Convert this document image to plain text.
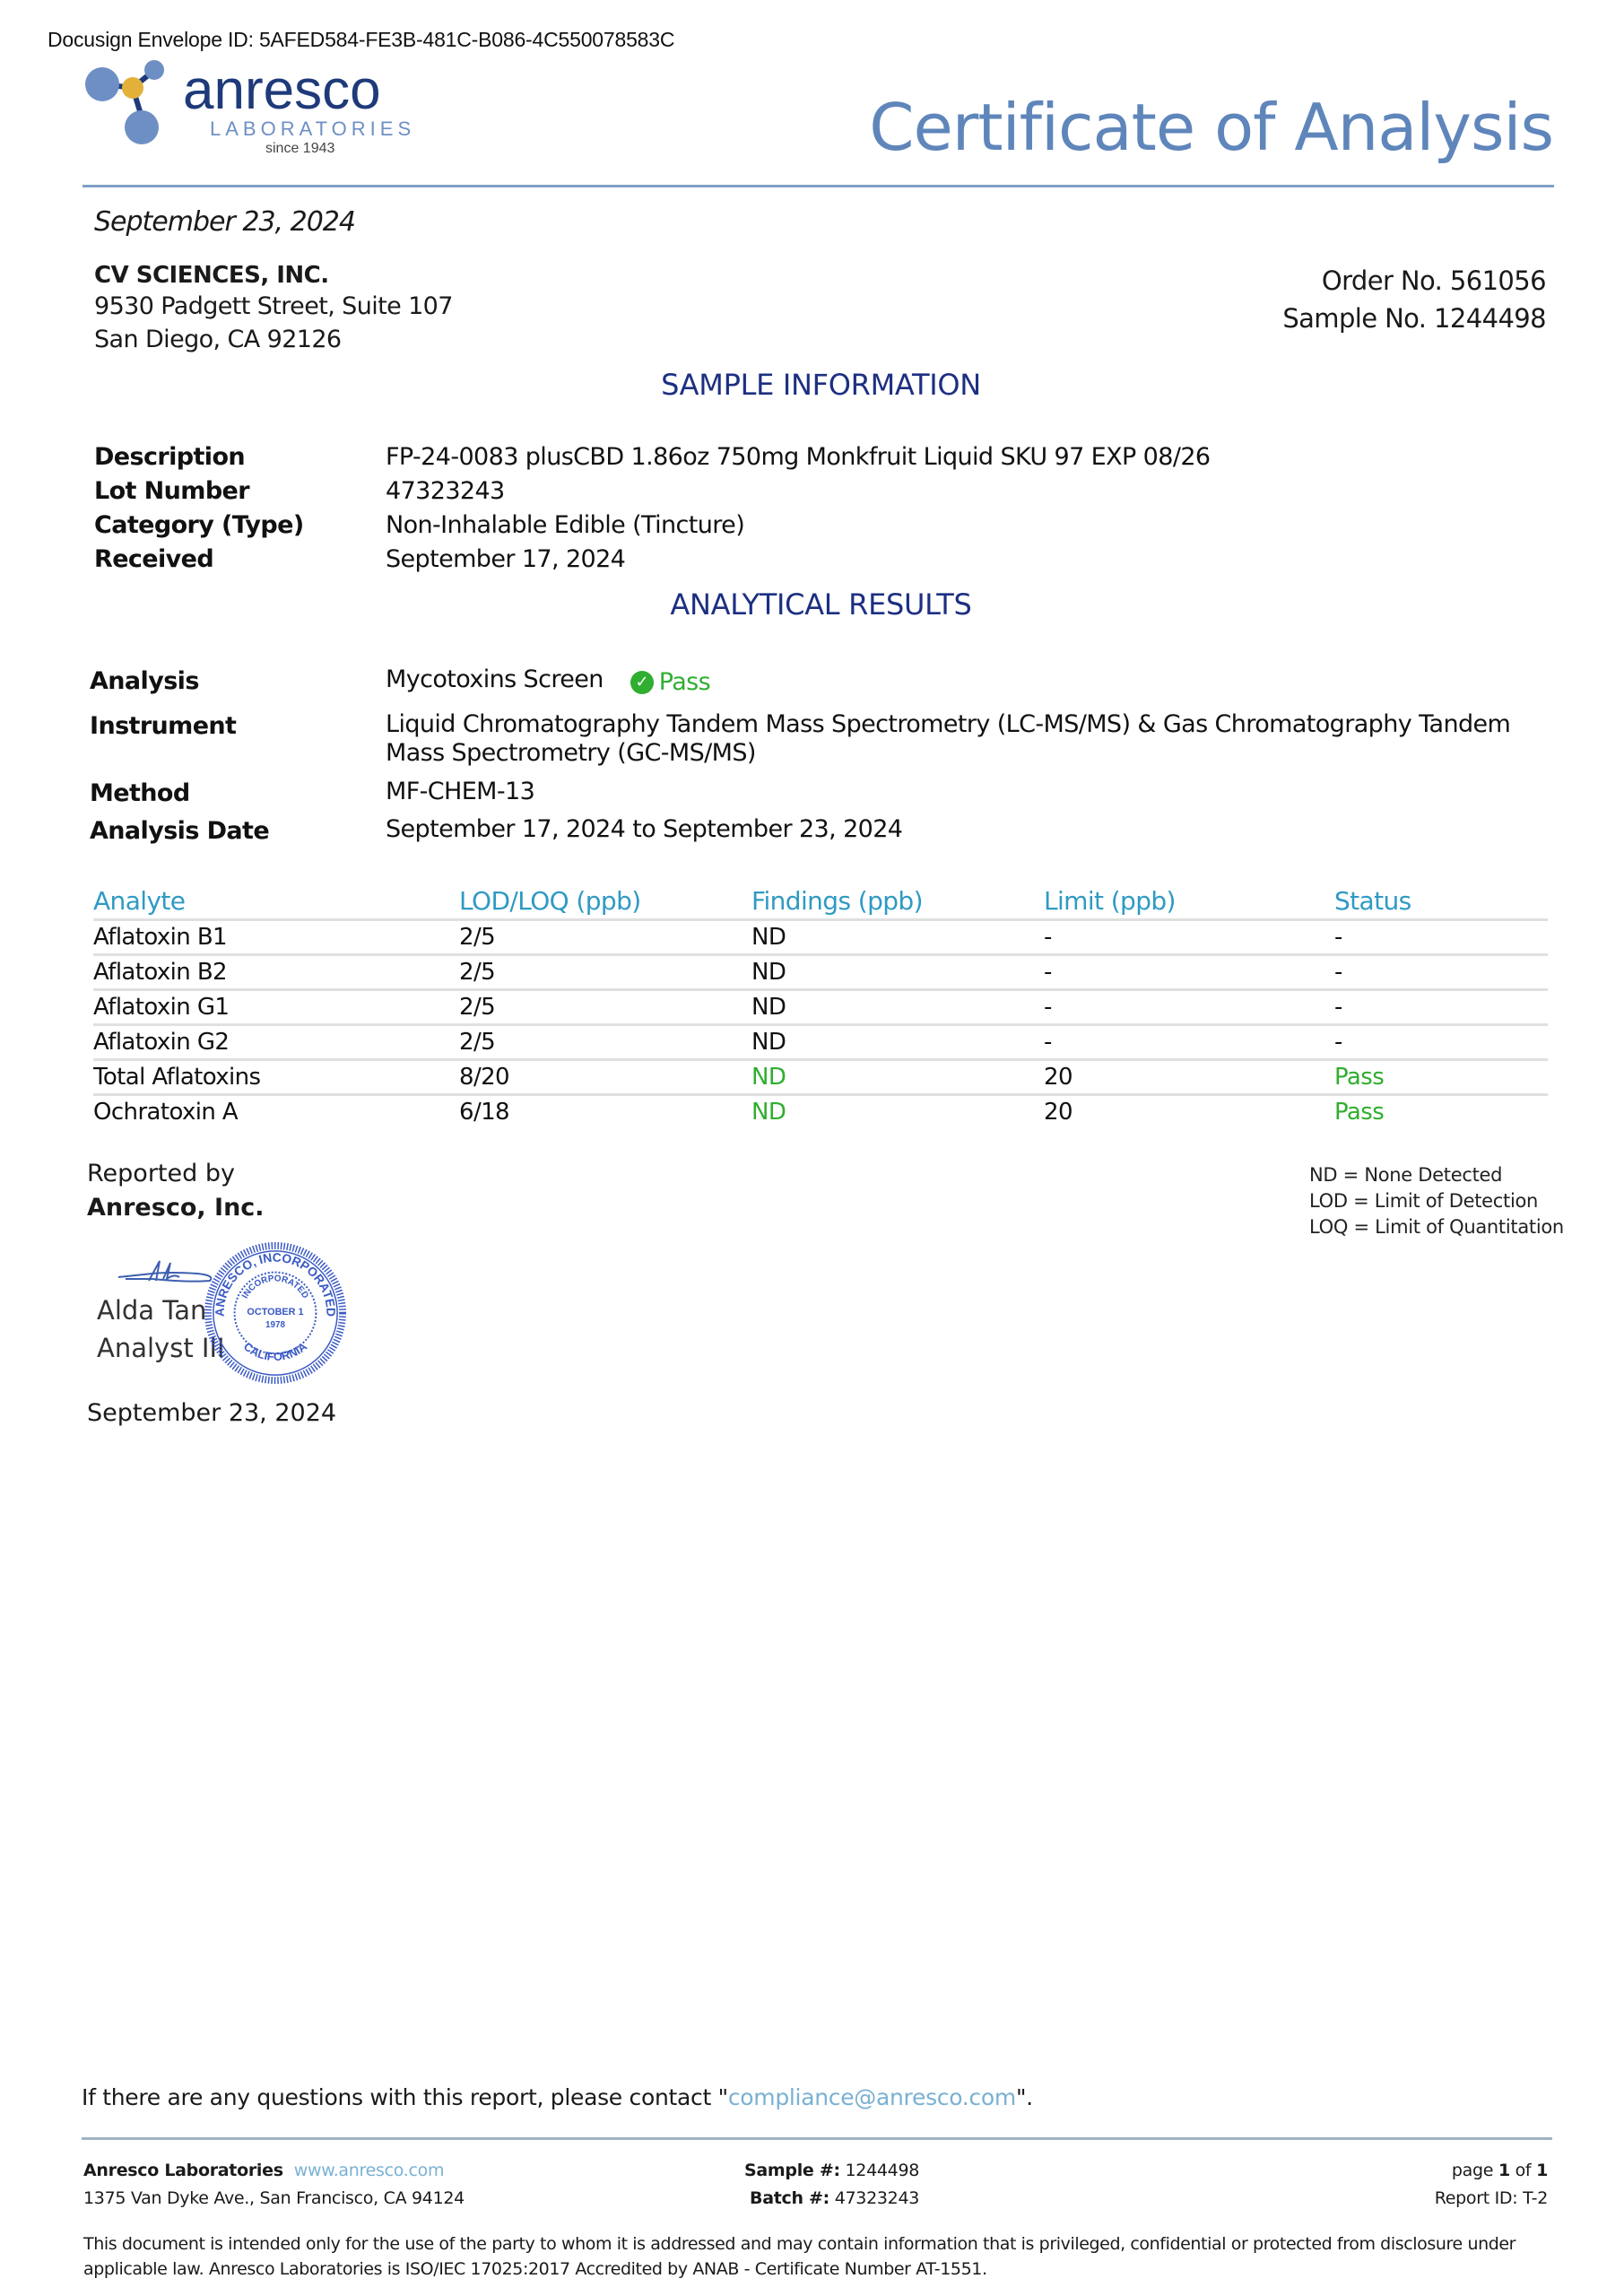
Docusign Envelope ID: 5AFED584-FE3B-481C-B086-4C550078583C
anresco
LABORATORIES
since 1943	Certificate of Analysis
September 23, 2024
CV SCIENCES, INC.
9530 Padgett Street, Suite 107
San Diego, CA 92126
Order No. 561056
Sample No. 1244498
SAMPLE INFORMATION
Description	FP-24-0083 plusCBD 1.86oz 750mg Monkfruit Liquid SKU 97 EXP 08/26
Lot Number	47323243
Category (Type)	Non-Inhalable Edible (Tincture)
Received	September 17, 2024
ANALYTICAL RESULTS
Analysis	Mycotoxins Screen	✓ Pass
Instrument	Liquid Chromatography Tandem Mass Spectrometry (LC-MS/MS) & Gas Chromatography Tandem Mass Spectrometry (GC-MS/MS)
Method	MF-CHEM-13
Analysis Date	September 17, 2024 to September 23, 2024
Analyte	LOD/LOQ (ppb)	Findings (ppb)	Limit (ppb)	Status
Aflatoxin B1	2/5	ND	-	-
Aflatoxin B2	2/5	ND	-	-
Aflatoxin G1	2/5	ND	-	-
Aflatoxin G2	2/5	ND	-	-
Total Aflatoxins	8/20	ND	20	Pass
Ochratoxin A	6/18	ND	20	Pass
Reported by
Anresco, Inc.
Alda Tan
Analyst III
ANRESCO, INCORPORATED
INCORPORATED
CALIFORNIA
OCTOBER 1
1978
September 23, 2024
ND = None Detected
LOD = Limit of Detection
LOQ = Limit of Quantitation
If there are any questions with this report, please contact "compliance@anresco.com".
Anresco Laboratories www.anresco.com
1375 Van Dyke Ave., San Francisco, CA 94124
Sample #: 1244498
Batch #: 47323243
page 1 of 1
Report ID: T-2
This document is intended only for the use of the party to whom it is addressed and may contain information that is privileged, confidential or protected from disclosure under applicable law. Anresco Laboratories is ISO/IEC 17025:2017 Accredited by ANAB - Certificate Number AT-1551.
